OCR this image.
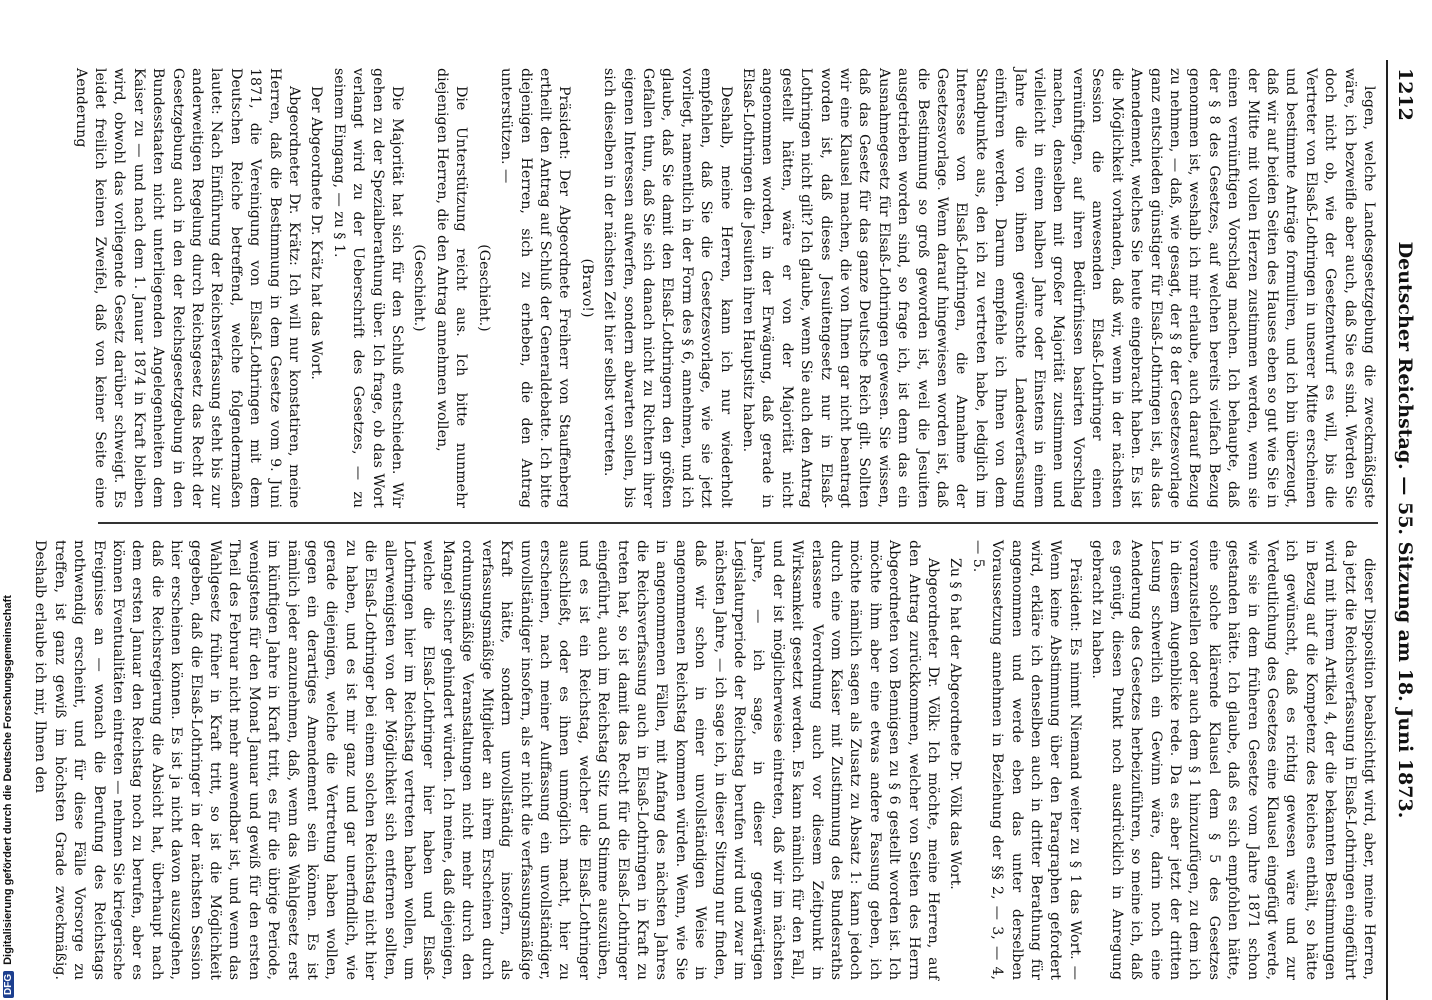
1212
Deutscher Reichstag. — 55. Sitzung am 18. Juni 1873.

legen, welche Landesgesetzgebung die zweckmäßigste wäre, ich bezweifle aber auch, daß Sie es sind. Werden Sie doch nicht ob, wie der Gesetzentwurf es will, bis die Vertreter von Elsaß-Lothringen in unserer Mitte erscheinen und bestimmte Anträge formuliren, und ich bin überzeugt, daß wir auf beiden Seiten des Hauses eben so gut wie Sie in der Mitte mit vollen Herzen zustimmen werden, wenn sie einen vernünftigen Vorschlag machen. Ich behaupte, daß der § 8 des Gesetzes, auf welchen bereits vielfach Bezug genommen ist, weshalb ich mir erlaube, auch darauf Bezug zu nehmen, — daß, wie gesagt, der § 8 der Gesetzesvorlage ganz entschieden günstiger für Elsaß-Lothringen ist, als das Amendement, welches Sie heute eingebracht haben. Es ist die Möglichkeit vorhanden, daß wir, wenn in der nächsten Session die anwesenden Elsaß-Lothringer einen vernünftigen, auf ihren Bedürfnissen basirten Vorschlag machen, denselben mit großer Majorität zustimmen und vielleicht in einem halben Jahre oder Einstens in einem Jahre die von ihnen gewünschte Landesverfassung einführen werden. Darum empfehle ich Ihnen von dem Standpunkte aus, den ich zu vertreten habe, lediglich im Interesse von Elsaß-Lothringen, die Annahme der Gesetzesvorlage. Wenn darauf hingewiesen worden ist, daß die Bestimmung so groß geworden ist, weil die Jesuiten ausgetrieben worden sind, so frage ich, ist denn das ein Ausnahmegesetz für Elsaß-Lothringen gewesen. Sie wissen, daß das Gesetz für das ganze Deutsche Reich gilt. Sollten wir eine Klausel machen, die von Ihnen gar nicht beantragt worden ist, daß dieses Jesuitengesetz nur in Elsaß-Lothringen nicht gilt? Ich glaube, wenn Sie auch den Antrag gestellt hätten, wäre er von der Majorität nicht angenommen worden, in der Erwägung, daß gerade in Elsaß-Lothringen die Jesuiten ihren Hauptsitz haben.

Deshalb, meine Herren, kann ich nur wiederholt empfehlen, daß Sie die Gesetzesvorlage, wie sie jetzt vorliegt, namentlich in der Form des § 6, annehmen, und ich glaube, daß Sie damit den Elsaß-Lothringern den größten Gefallen thun, daß Sie sich danach nicht zu Richtern ihrer eigenen Interessen aufwerfen, sondern abwarten sollen, bis sich dieselben in der nächsten Zeit hier selbst vertreten.

(Bravo!)

Präsident: Der Abgeordnete Freiherr von Stauffenberg ertheilt den Antrag auf Schluß der Generaldebatte. Ich bitte diejenigen Herren, sich zu erheben, die den Antrag unterstützen. —

(Geschieht.)

Die Unterstützung reicht aus. Ich bitte nunmehr diejenigen Herren, die den Antrag annehmen wollen,

(Geschieht.)

Die Majorität hat sich für den Schluß entschieden. Wir gehen zu der Spezialberathung über. Ich frage, ob das Wort verlangt wird zu der Ueberschrift des Gesetzes, — zu seinem Eingang, — zu § 1.

Der Abgeordnete Dr. Krätz hat das Wort.

Abgeordneter Dr. Krätz: Ich will nur konstatiren, meine Herren, daß die Bestimmung in dem Gesetze vom 9. Juni 1871, die Vereinigung von Elsaß-Lothringen mit dem Deutschen Reiche betreffend, welche folgendermaßen lautet: Nach Einführung der Reichsverfassung steht bis zur anderweitigen Regelung durch Reichsgesetz das Recht der Gesetzgebung auch in den der Reichsgesetzgebung in den Bundesstaaten nicht unterliegenden Angelegenheiten dem Kaiser zu — und nach dem 1. Januar 1874 in Kraft bleiben wird, obwohl das vorliegende Gesetz darüber schweigt. Es leidet freilich keinen Zweifel, daß von keiner Seite eine Aenderung

dieser Disposition beabsichtigt wird, aber, meine Herren, da jetzt die Reichsverfassung in Elsaß-Lothringen eingeführt wird mit ihrem Artikel 4, der die bekannten Bestimmungen in Bezug auf die Kompetenz des Reiches enthält, so hätte ich gewünscht, daß es richtig gewesen wäre und zur Verdeutlichung des Gesetzes eine Klausel eingefügt werde, wie sie in dem früheren Gesetze vom Jahre 1871 schon gestanden hätte. Ich glaube, daß es sich empfohlen hätte, eine solche klärende Klausel dem § 5 des Gesetzes voranzustellen oder auch dem § 1 hinzuzufügen, zu dem ich in diesem Augenblicke rede. Da es aber jetzt der dritten Lesung schwerlich ein Gewinn wäre, darin noch eine Aenderung des Gesetzes herbeizuführen, so meine ich, daß es genügt, diesen Punkt noch ausdrücklich in Anregung gebracht zu haben.

Präsident: Es nimmt Niemand weiter zu § 1 das Wort. — Wenn keine Abstimmung über den Paragraphen gefordert wird, erkläre ich denselben auch in dritter Berathung für angenommen und werde eben das unter derselben Voraussetzung annehmen in Beziehung der §§ 2, — 3, — 4, — 5.

Zu § 6 hat der Abgeordnete Dr. Völk das Wort.

Abgeordneter Dr. Völk: Ich möchte, meine Herren, auf den Antrag zurückkommen, welcher von Seiten des Herrn Abgeordneten von Bennigsen zu § 6 gestellt worden ist. Ich möchte ihm aber eine etwas andere Fassung geben, ich möchte nämlich sagen als Zusatz zu Absatz 1: kann jedoch durch eine vom Kaiser mit Zustimmung des Bundesraths erlassene Verordnung auch vor diesem Zeitpunkt in Wirksamkeit gesetzt werden. Es kann nämlich für den Fall, und der ist möglicherweise eintreten, daß wir im nächsten Jahre, — ich sage, in dieser gegenwärtigen Legislaturperiode der Reichstag berufen wird und zwar im nächsten Jahre, — ich sage ich, in dieser Sitzung nur finden, daß wir schon in einer unvollständigen Weise in angenommenen Reichstag kommen würden. Wenn, wie Sie in angenommenen Fällen, mit Anfang des nächsten Jahres die Reichsverfassung auch in Elsaß-Lothringen in Kraft zu treten hat, so ist damit das Recht für die Elsaß-Lothringer eingeführt, auch im Reichstag Sitz und Stimme auszuüben, und es ist ein Reichstag, welcher die Elsaß-Lothringer ausschließt, oder es ihnen unmöglich macht, hier zu erscheinen, nach meiner Auffassung ein unvollständiger, unvollständiger insofern, als er nicht die verfassungsmäßige Kraft hätte, sondern unvollständig insofern, als verfassungsmäßige Mitglieder an ihrem Erscheinen durch ordnungsmäßige Veranstaltungen nicht mehr durch den Mangel sicher gehindert würden. Ich meine, daß diejenigen, welche die Elsaß-Lothringer hier haben und Elsaß-Lothringen hier im Reichstag vertreten haben wollen, um allerwenigsten von der Möglichkeit sich entfernen sollten, die Elsaß-Lothringer bei einem solchen Reichstag nicht hier zu haben, und es ist mir ganz und gar unerfindlich, wie gerade diejenigen, welche die Vertretung haben wollen, gegen ein derartiges Amendement sein können. Es ist nämlich jeder anzunehmen, daß, wenn das Wahlgesetz erst im künftigen Jahre in Kraft tritt, es für die übrige Periode, wenigstens für den Monat Januar und gewiß für den ersten Theil des Februar nicht mehr anwendbar ist, und wenn das Wahlgesetz früher in Kraft tritt, so ist die Möglichkeit gegeben, daß die Elsaß-Lothringer in der nächsten Session hier erscheinen können. Es ist ja nicht davon auszugehen, daß die Reichsregierung die Absicht hat, überhaupt nach dem ersten Januar den Reichstag noch zu berufen, aber es können Eventualitäten eintreten — nehmen Sie kriegerische Ereignisse an — wonach die Berufung des Reichstags nothwendig erscheint, und für diese Fälle Vorsorge zu treffen, ist ganz gewiß im höchsten Grade zweckmäßig. Deshalb erlaube ich mir, Ihnen den

DFGDigitalisierung gefördert durch die Deutsche Forschungsgemeinschaft
